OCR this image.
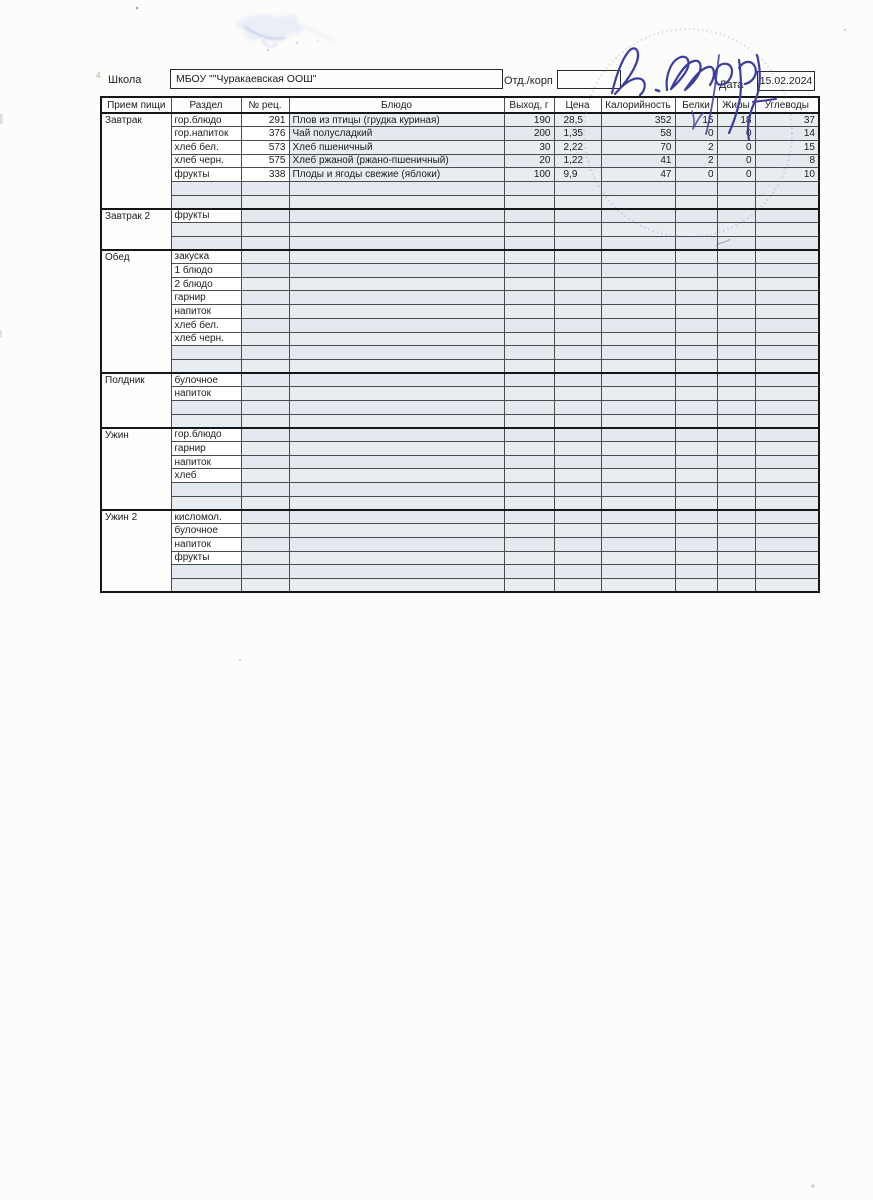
Школа	МБОУ ""Чуракаевская ООШ"	Отд./корп	Дата 15.02.2024
Прием пищи	Раздел	№ рец.	Блюдо	Выход, г	Цена	Калорийность	Белки	Жиры	Углеводы
Завтрак	гор.блюдо	291	Плов из птицы (грудка куриная)	190	28,5	352	15	18	37
	гор.напиток	376	Чай полусладкий	200	1,35	58	0	0	14
	хлеб бел.	573	Хлеб пшеничный	30	2,22	70	2	0	15
	хлеб черн.	575	Хлеб ржаной (ржано-пшеничный)	20	1,22	41	2	0	8
	фрукты	338	Плоды и ягоды свежие (яблоки)	100	9,9	47	0	0	10

Завтрак 2	фрукты								

Обед	закуска								
	1 блюдо								
	2 блюдо								
	гарнир								
	напиток								
	хлеб бел.								
	хлеб черн.								

Полдник	булочное								
	напиток								

Ужин	гор.блюдо								
	гарнир								
	напиток								
	хлеб								

Ужин 2	кисломол.								
	булочное								
	напиток								
	фрукты								

4
